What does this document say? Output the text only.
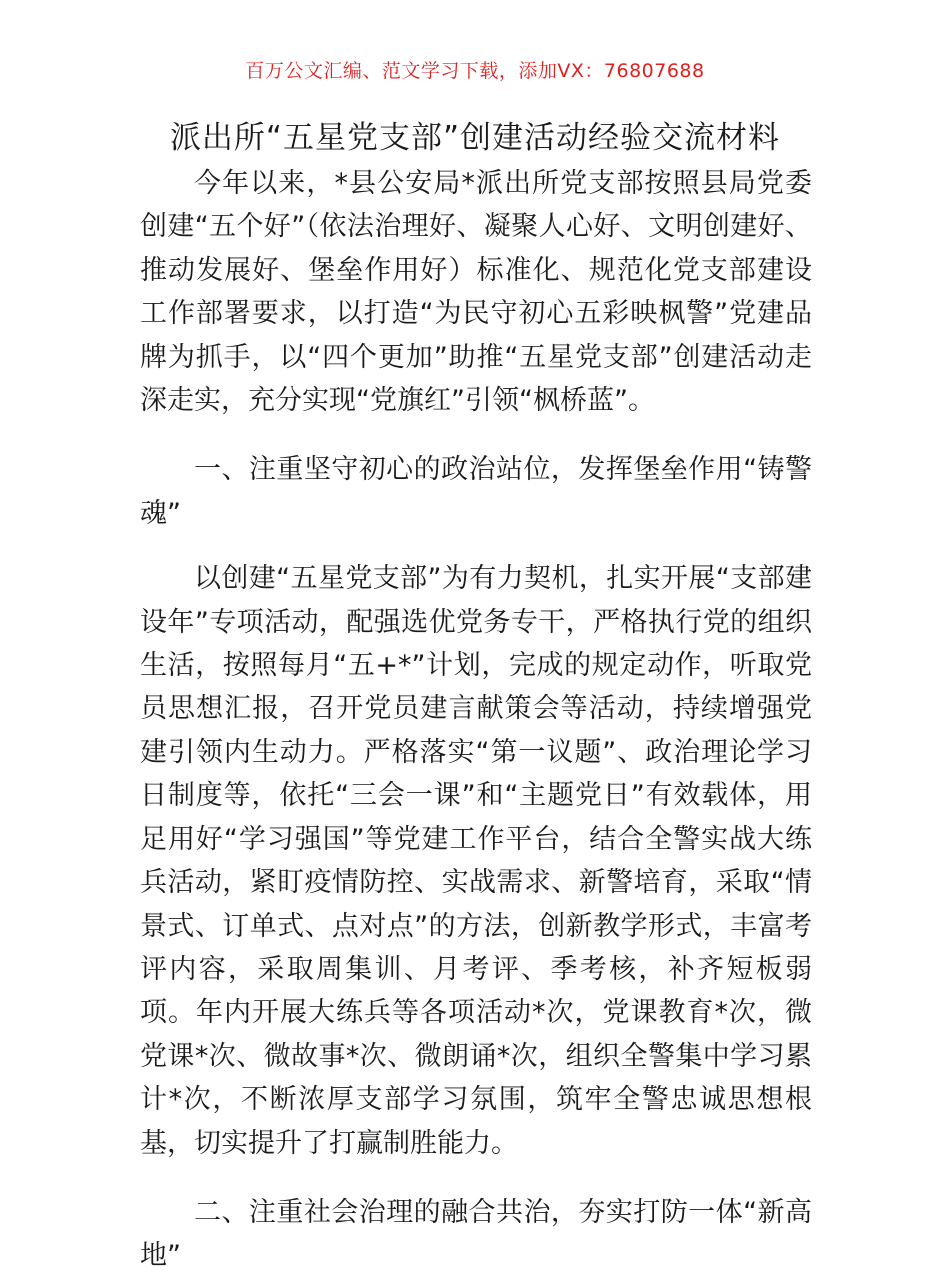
百万公文汇编、范文学习下载，添加VX：76807688
派出所“五星党支部”创建活动经验交流材料

今年以来，*县公安局*派出所党支部按照县局党委创建“五个好”（依法治理好、凝聚人心好、文明创建好、推动发展好、堡垒作用好）标准化、规范化党支部建设工作部署要求，以打造“为民守初心五彩映枫警”党建品牌为抓手，以“四个更加”助推“五星党支部”创建活动走深走实，充分实现“党旗红”引领“枫桥蓝”。

一、注重坚守初心的政治站位，发挥堡垒作用“铸警魂”

以创建“五星党支部”为有力契机，扎实开展“支部建设年”专项活动，配强选优党务专干，严格执行党的组织生活，按照每月“五+*”计划，完成的规定动作，听取党员思想汇报，召开党员建言献策会等活动，持续增强党建引领内生动力。严格落实“第一议题”、政治理论学习日制度等，依托“三会一课”和“主题党日”有效载体，用足用好“学习强国”等党建工作平台，结合全警实战大练兵活动，紧盯疫情防控、实战需求、新警培育，采取“情景式、订单式、点对点”的方法，创新教学形式，丰富考评内容，采取周集训、月考评、季考核，补齐短板弱项。年内开展大练兵等各项活动*次，党课教育*次，微党课*次、微故事*次、微朗诵*次，组织全警集中学习累计*次，不断浓厚支部学习氛围，筑牢全警忠诚思想根基，切实提升了打赢制胜能力。

二、注重社会治理的融合共治，夯实打防一体“新高地”
